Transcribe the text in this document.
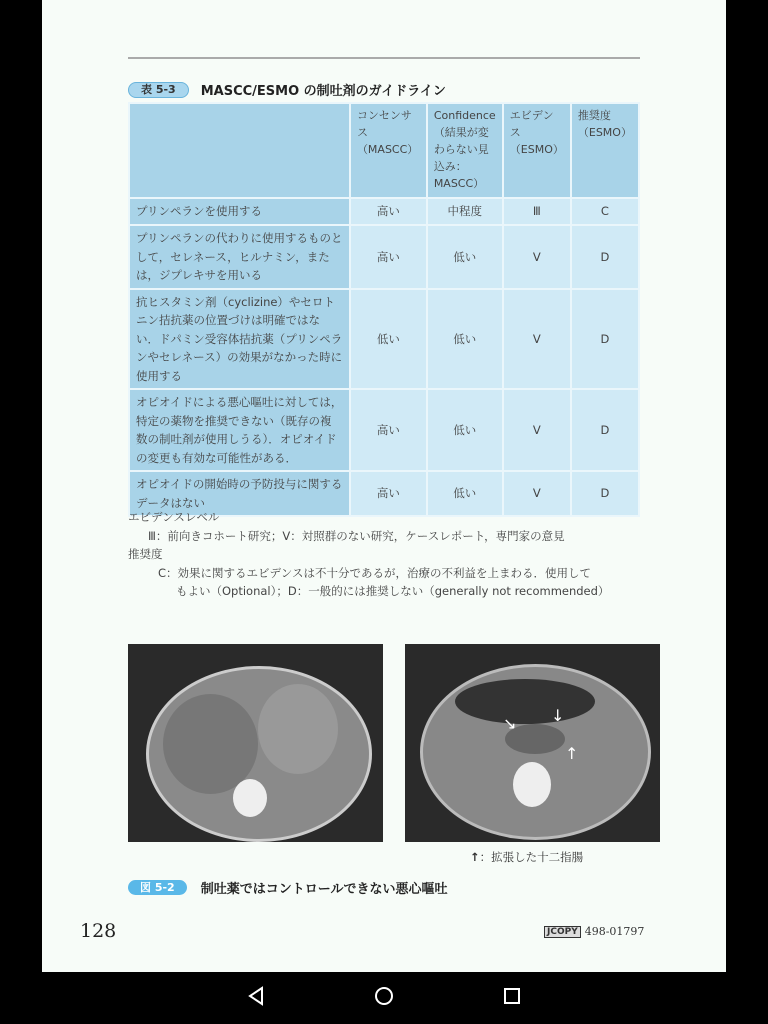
表 5-3	MASCC/ESMO の制吐剤のガイドライン
	コンセンサス（MASCC）	Confidence（結果が変わらない見込み：MASCC）	エビデンス（ESMO）	推奨度（ESMO）
プリンペランを使用する	高い	中程度	Ⅲ	C
プリンペランの代わりに使用するものとして，セレネース，ヒルナミン，または，ジプレキサを用いる	高い	低い	Ⅴ	D
抗ヒスタミン剤（cyclizine）やセロトニン拮抗薬の位置づけは明確ではない．ドパミン受容体拮抗薬（プリンペランやセレネース）の効果がなかった時に使用する	低い	低い	Ⅴ	D
オピオイドによる悪心嘔吐に対しては，特定の薬物を推奨できない（既存の複数の制吐剤が使用しうる）．オピオイドの変更も有効な可能性がある．	高い	低い	Ⅴ	D
オピオイドの開始時の予防投与に関するデータはない	高い	低い	Ⅴ	D
エビデンスレベル
Ⅲ：前向きコホート研究；Ⅴ：対照群のない研究，ケースレポート，専門家の意見
推奨度
C：効果に関するエビデンスは不十分であるが，治療の不利益を上まわる．使用して
もよい（Optional）；D：一般的には推奨しない（generally not recommended）
↘ ↓
↑
↑：拡張した十二指腸
図 5-2	制吐薬ではコントロールできない悪心嘔吐
128	JCOPY 498-01797
